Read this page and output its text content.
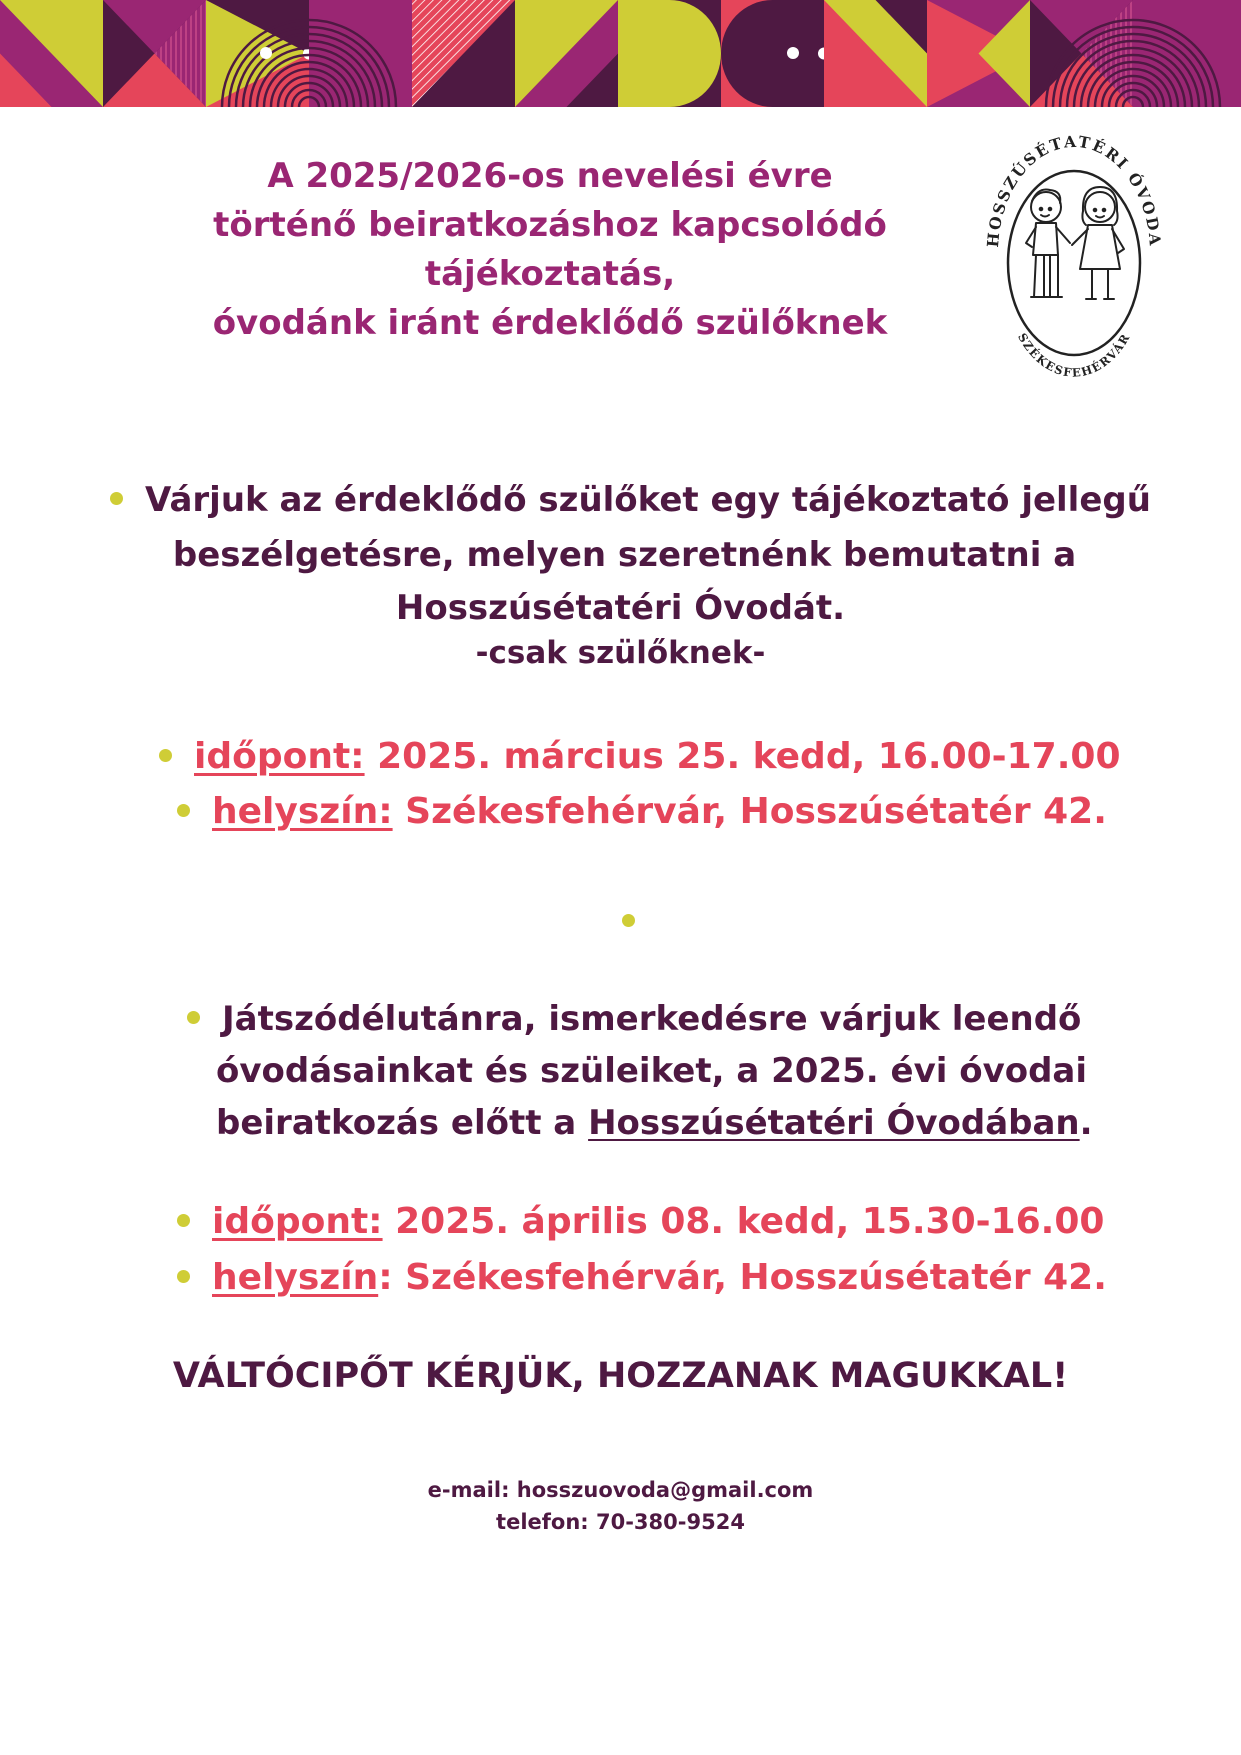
A 2025/2026-os nevelési évre
történő beiratkozáshoz kapcsolódó
tájékoztatás,
óvodánk iránt érdeklődő szülőknek
HOSSZÚSÉTATÉRI ÓVODA
SZÉKESFEHÉRVÁR
Várjuk az érdeklődő szülőket egy tájékoztató jellegű
beszélgetésre, melyen szeretnénk bemutatni a
Hosszúsétatéri Óvodát.
-csak szülőknek-
időpont: 2025. március 25. kedd, 16.00-17.00
helyszín: Székesfehérvár, Hosszúsétatér 42.
Játszódélutánra, ismerkedésre várjuk leendő
óvodásainkat és szüleiket, a 2025. évi óvodai
beiratkozás előtt a Hosszúsétatéri Óvodában.
időpont: 2025. április 08. kedd, 15.30-16.00
helyszín: Székesfehérvár, Hosszúsétatér 42.
VÁLTÓCIPŐT KÉRJÜK, HOZZANAK MAGUKKAL!
e-mail: hosszuovoda@gmail.com
telefon: 70-380-9524
